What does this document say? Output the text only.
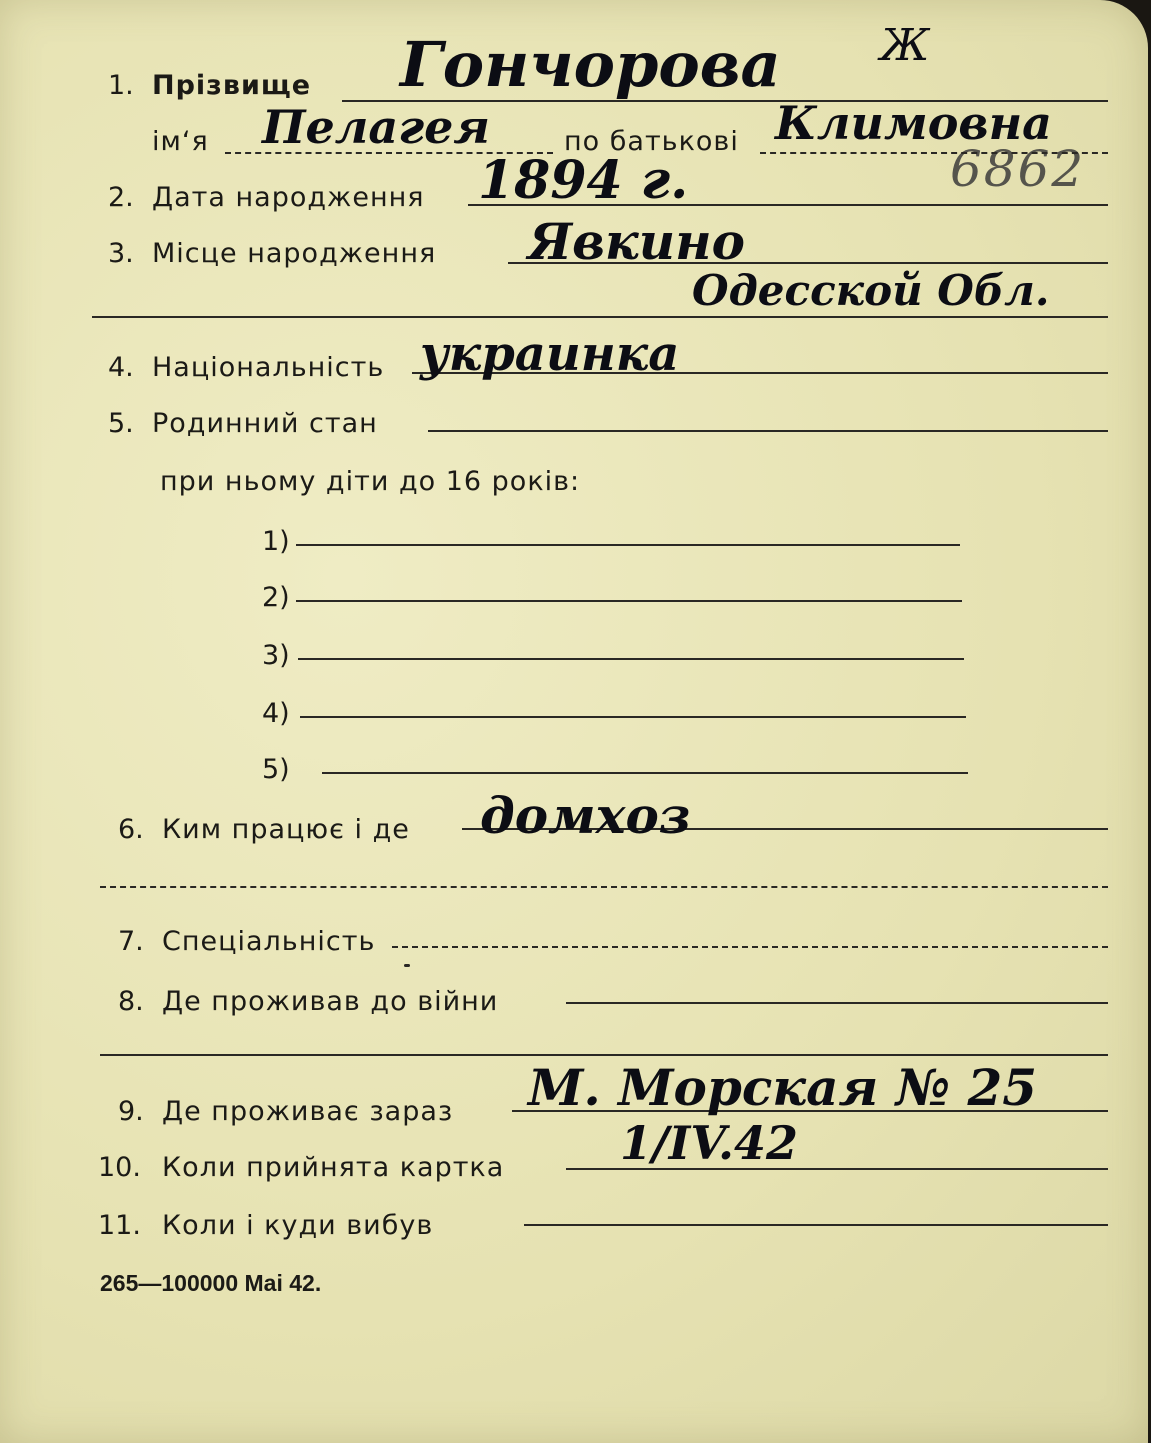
Ж
6862
1. Прізвище Гончорова
ім‘я Пелагея	по батькові Климовна
2. Дата народження 1894 г.
3. Місце народження Явкино
Одесской Обл.
4. Національність украинка
5. Родинний стан
при ньому діти до 16 років:
1)
2)
3)
4)
5)
6. Ким працює і де домхоз
7. Спеціальність
8. Де проживав до війни
9. Де проживає зараз М. Морская № 25
10. Коли прийнята картка	1/IV.42
11. Коли і куди вибув
265—100000 Mai 42.
